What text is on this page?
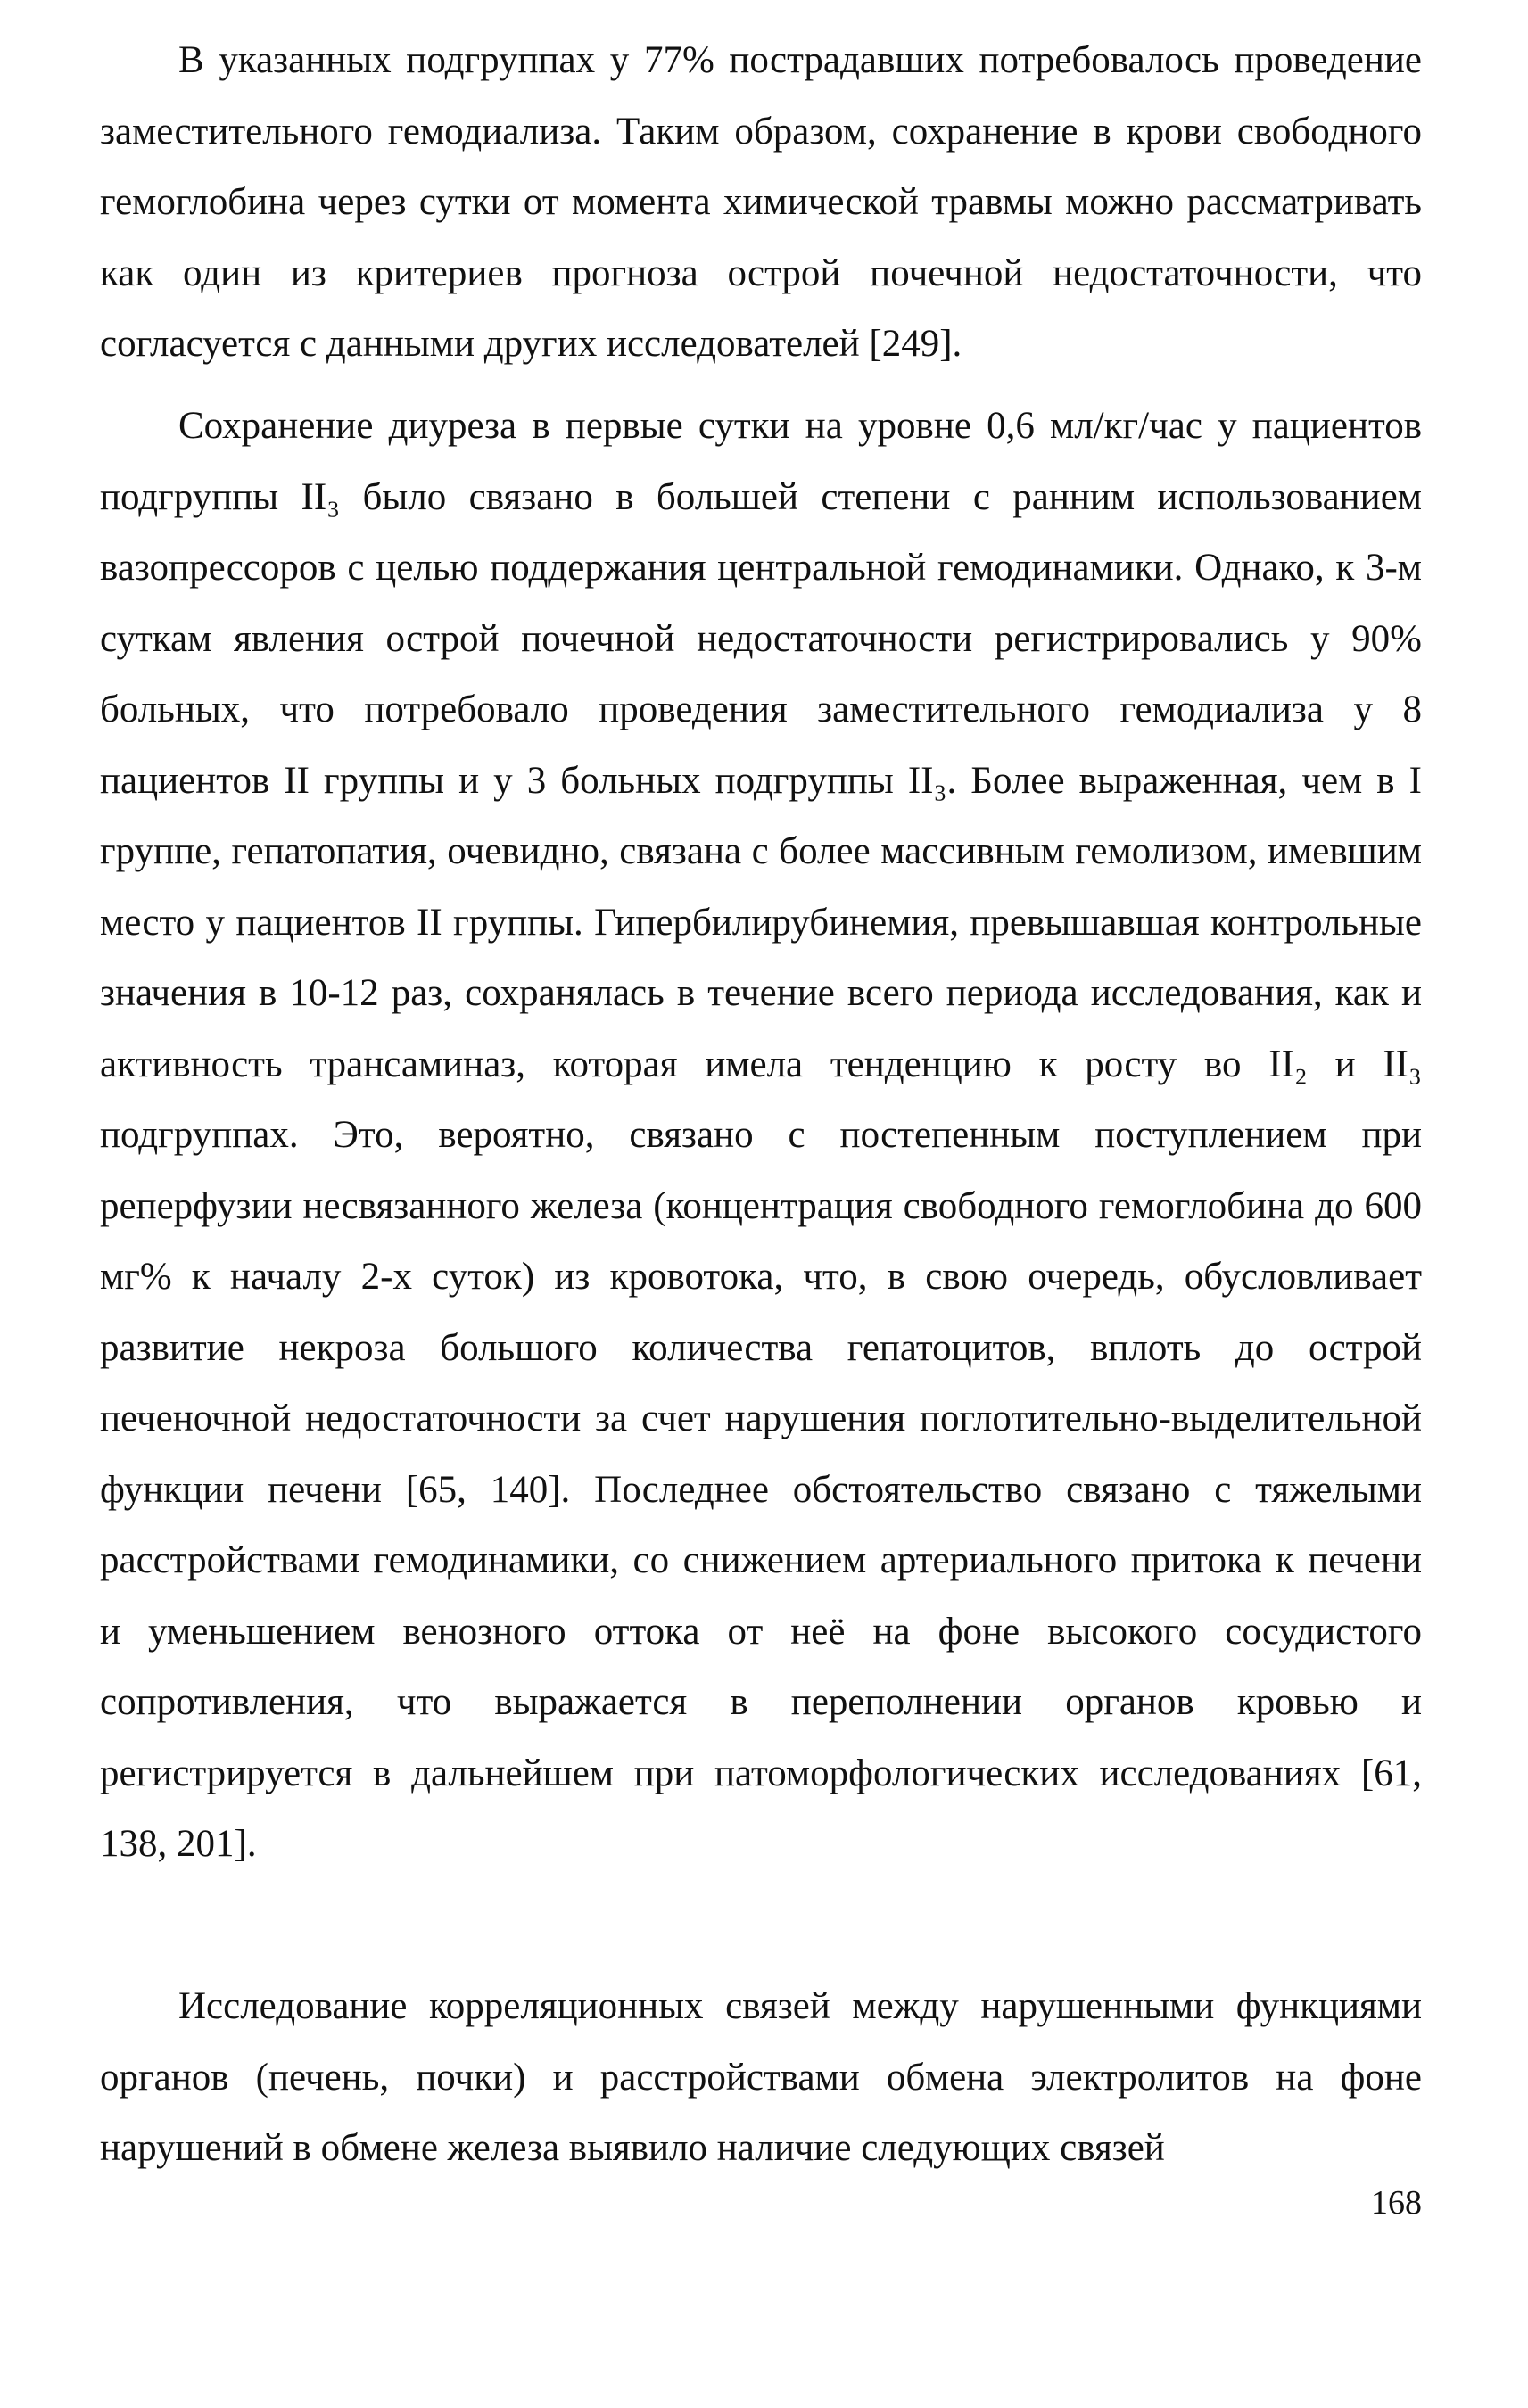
В указанных подгруппах у 77% пострадавших потребовалось проведение заместительного гемодиализа. Таким образом, сохранение в крови свободного гемоглобина через сутки от момента химической травмы можно рассматривать как один из критериев прогноза острой почечной недостаточности, что согласуется с данными других исследователей [249].

Сохранение диуреза в первые сутки на уровне 0,6 мл/кг/час у пациентов подгруппы II₃ было связано в большей степени с ранним использованием вазопрессоров с целью поддержания центральной гемодинамики. Однако, к 3-м суткам явления острой почечной недостаточности регистрировались у 90% больных, что потребовало проведения заместительного гемодиализа у 8 пациентов II группы и у 3 больных подгруппы II₃. Более выраженная, чем в I группе, гепатопатия, очевидно, связана с более массивным гемолизом, имевшим место у пациентов II группы. Гипербилирубинемия, превышавшая контрольные значения в 10-12 раз, сохранялась в течение всего периода исследования, как и активность трансаминаз, которая имела тенденцию к росту во II₂ и II₃ подгруппах. Это, вероятно, связано с постепенным поступлением при реперфузии несвязанного железа (концентрация свободного гемоглобина до 600 мг% к началу 2-х суток) из кровотока, что, в свою очередь, обусловливает развитие некроза большого количества гепатоцитов, вплоть до острой печеночной недостаточности за счет нарушения поглотительно-выделительной функции печени [65, 140]. Последнее обстоятельство связано с тяжелыми расстройствами гемодинамики, со снижением артериального притока к печени и уменьшением венозного оттока от неё на фоне высокого сосудистого сопротивления, что выражается в переполнении органов кровью и регистрируется в дальнейшем при патоморфологических исследованиях [61, 138, 201].

Исследование корреляционных связей между нарушенными функциями органов (печень, почки) и расстройствами обмена электролитов на фоне нарушений в обмене железа выявило наличие следующих связей

168
